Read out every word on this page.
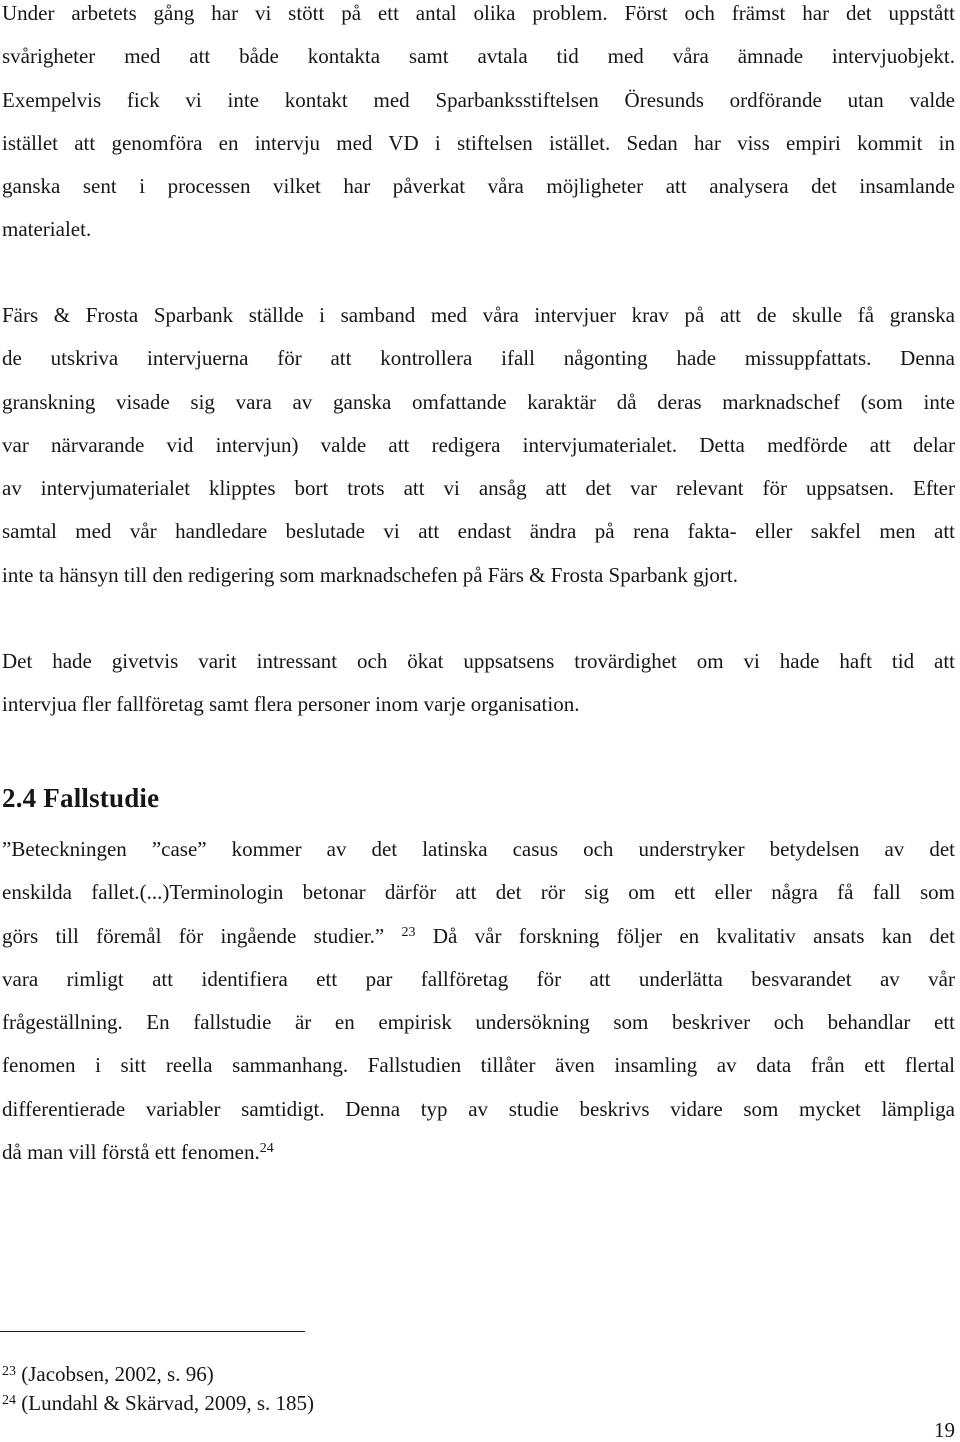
Under arbetets gång har vi stött på ett antal olika problem. Först och främst har det uppstått
svårigheter med att både kontakta samt avtala tid med våra ämnade intervjuobjekt.
Exempelvis fick vi inte kontakt med Sparbanksstiftelsen Öresunds ordförande utan valde
istället att genomföra en intervju med VD i stiftelsen istället. Sedan har viss empiri kommit in
ganska sent i processen vilket har påverkat våra möjligheter att analysera det insamlande
materialet.
Färs & Frosta Sparbank ställde i samband med våra intervjuer krav på att de skulle få granska
de utskriva intervjuerna för att kontrollera ifall någonting hade missuppfattats. Denna
granskning visade sig vara av ganska omfattande karaktär då deras marknadschef (som inte
var närvarande vid intervjun) valde att redigera intervjumaterialet. Detta medförde att delar
av intervjumaterialet klipptes bort trots att vi ansåg att det var relevant för uppsatsen. Efter
samtal med vår handledare beslutade vi att endast ändra på rena fakta- eller sakfel men att
inte ta hänsyn till den redigering som marknadschefen på Färs & Frosta Sparbank gjort.
Det hade givetvis varit intressant och ökat uppsatsens trovärdighet om vi hade haft tid att
intervjua fler fallföretag samt flera personer inom varje organisation.
2.4 Fallstudie
”Beteckningen ”case” kommer av det latinska casus och understryker betydelsen av det
enskilda fallet.(...)Terminologin betonar därför att det rör sig om ett eller några få fall som
görs till föremål för ingående studier.” $^{23}$ Då vår forskning följer en kvalitativ ansats kan det
vara rimligt att identifiera ett par fallföretag för att underlätta besvarandet av vår
frågeställning. En fallstudie är en empirisk undersökning som beskriver och behandlar ett
fenomen i sitt reella sammanhang. Fallstudien tillåter även insamling av data från ett flertal
differentierade variabler samtidigt. Denna typ av studie beskrivs vidare som mycket lämpliga
då man vill förstå ett fenomen.$^{24}$
$^{23}$ (Jacobsen, 2002, s. 96)
$^{24}$ (Lundahl & Skärvad, 2009, s. 185)
19
